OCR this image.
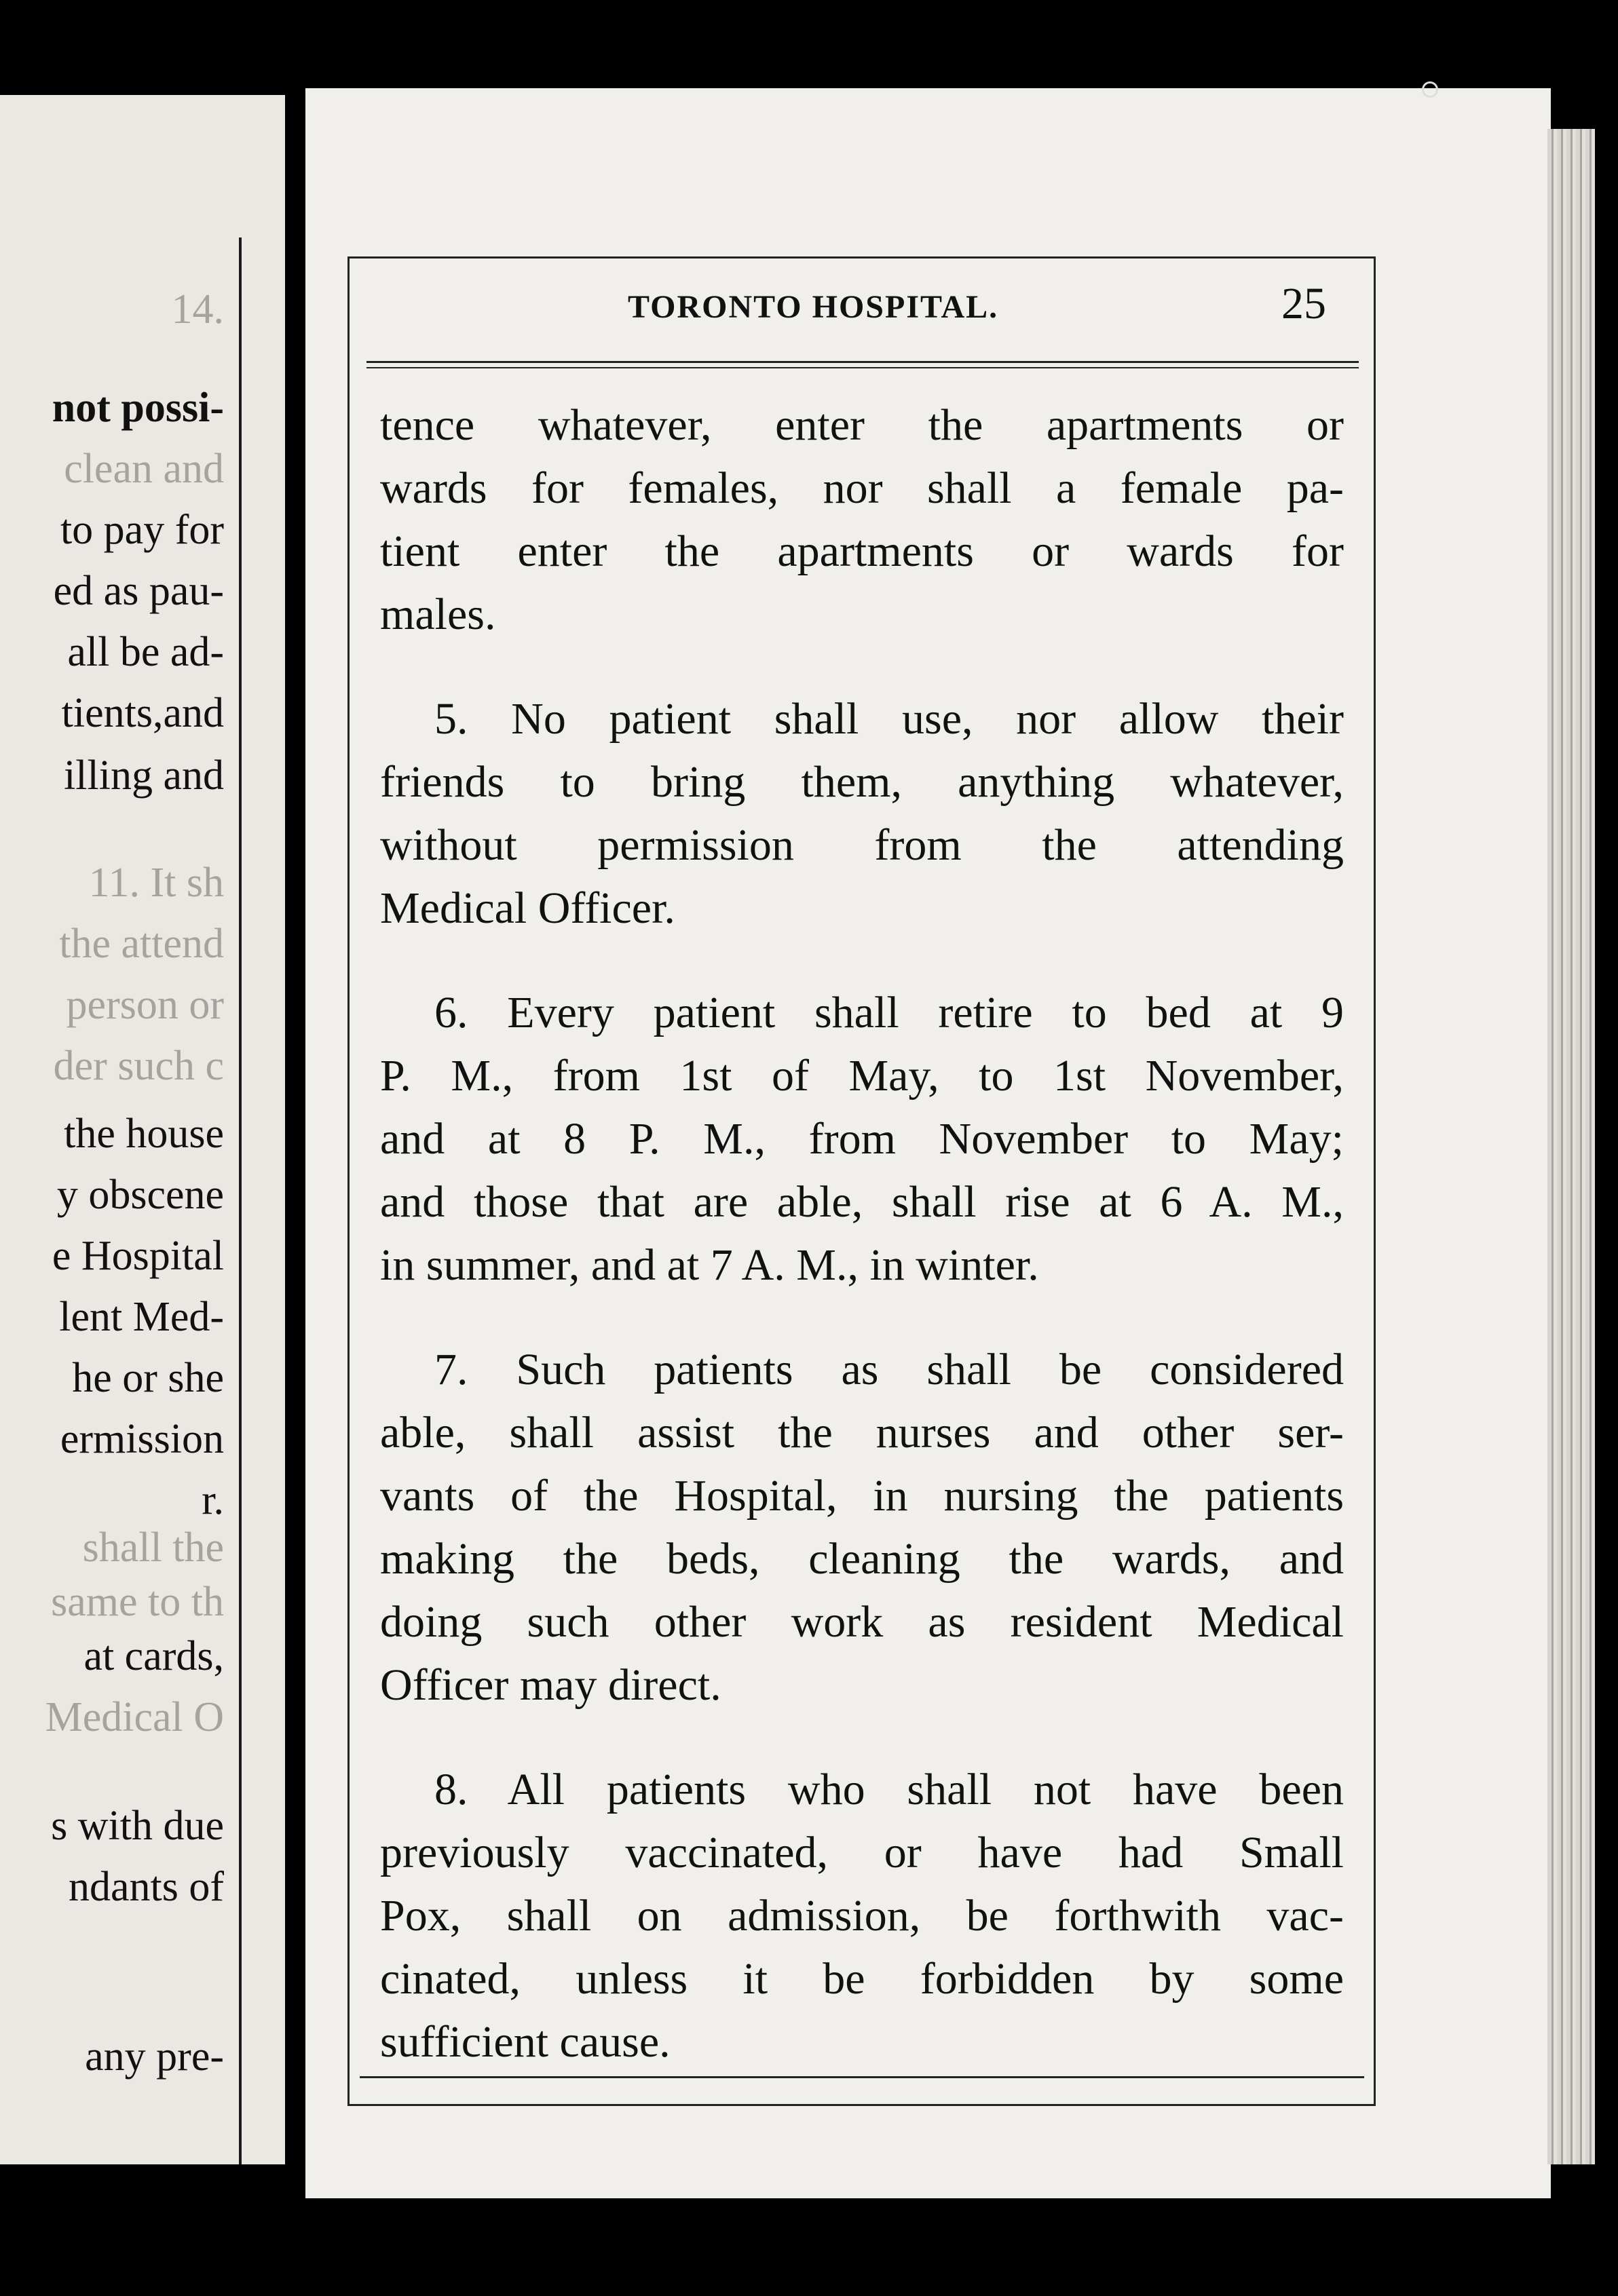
14.
not possi-
clean and
to pay for
ed as pau-
all be ad-
tients,and
illing and
11. It sh
the attend
person or
der such c
the house
y obscene
e Hospital
lent Med-
he or she
ermission
r.
shall the
same to th
at cards,
Medical O
s with due
ndants of
any pre-
TORONTO HOSPITAL.	25
tence whatever, enter the apartments or
wards for females, nor shall a female pa-
tient enter the apartments or wards for
males.
5. No patient shall use, nor allow their
friends to bring them, anything whatever,
without permission from the attending
Medical Officer.
6. Every patient shall retire to bed at 9
P. M., from 1st of May, to 1st November,
and at 8 P. M., from November to May;
and those that are able, shall rise at 6 A. M.,
in summer, and at 7 A. M., in winter.
7. Such patients as shall be considered
able, shall assist the nurses and other ser-
vants of the Hospital, in nursing the patients
making the beds, cleaning the wards, and
doing such other work as resident Medical
Officer may direct.
8. All patients who shall not have been
previously vaccinated, or have had Small
Pox, shall on admission, be forthwith vac-
cinated, unless it be forbidden by some
sufficient cause.
